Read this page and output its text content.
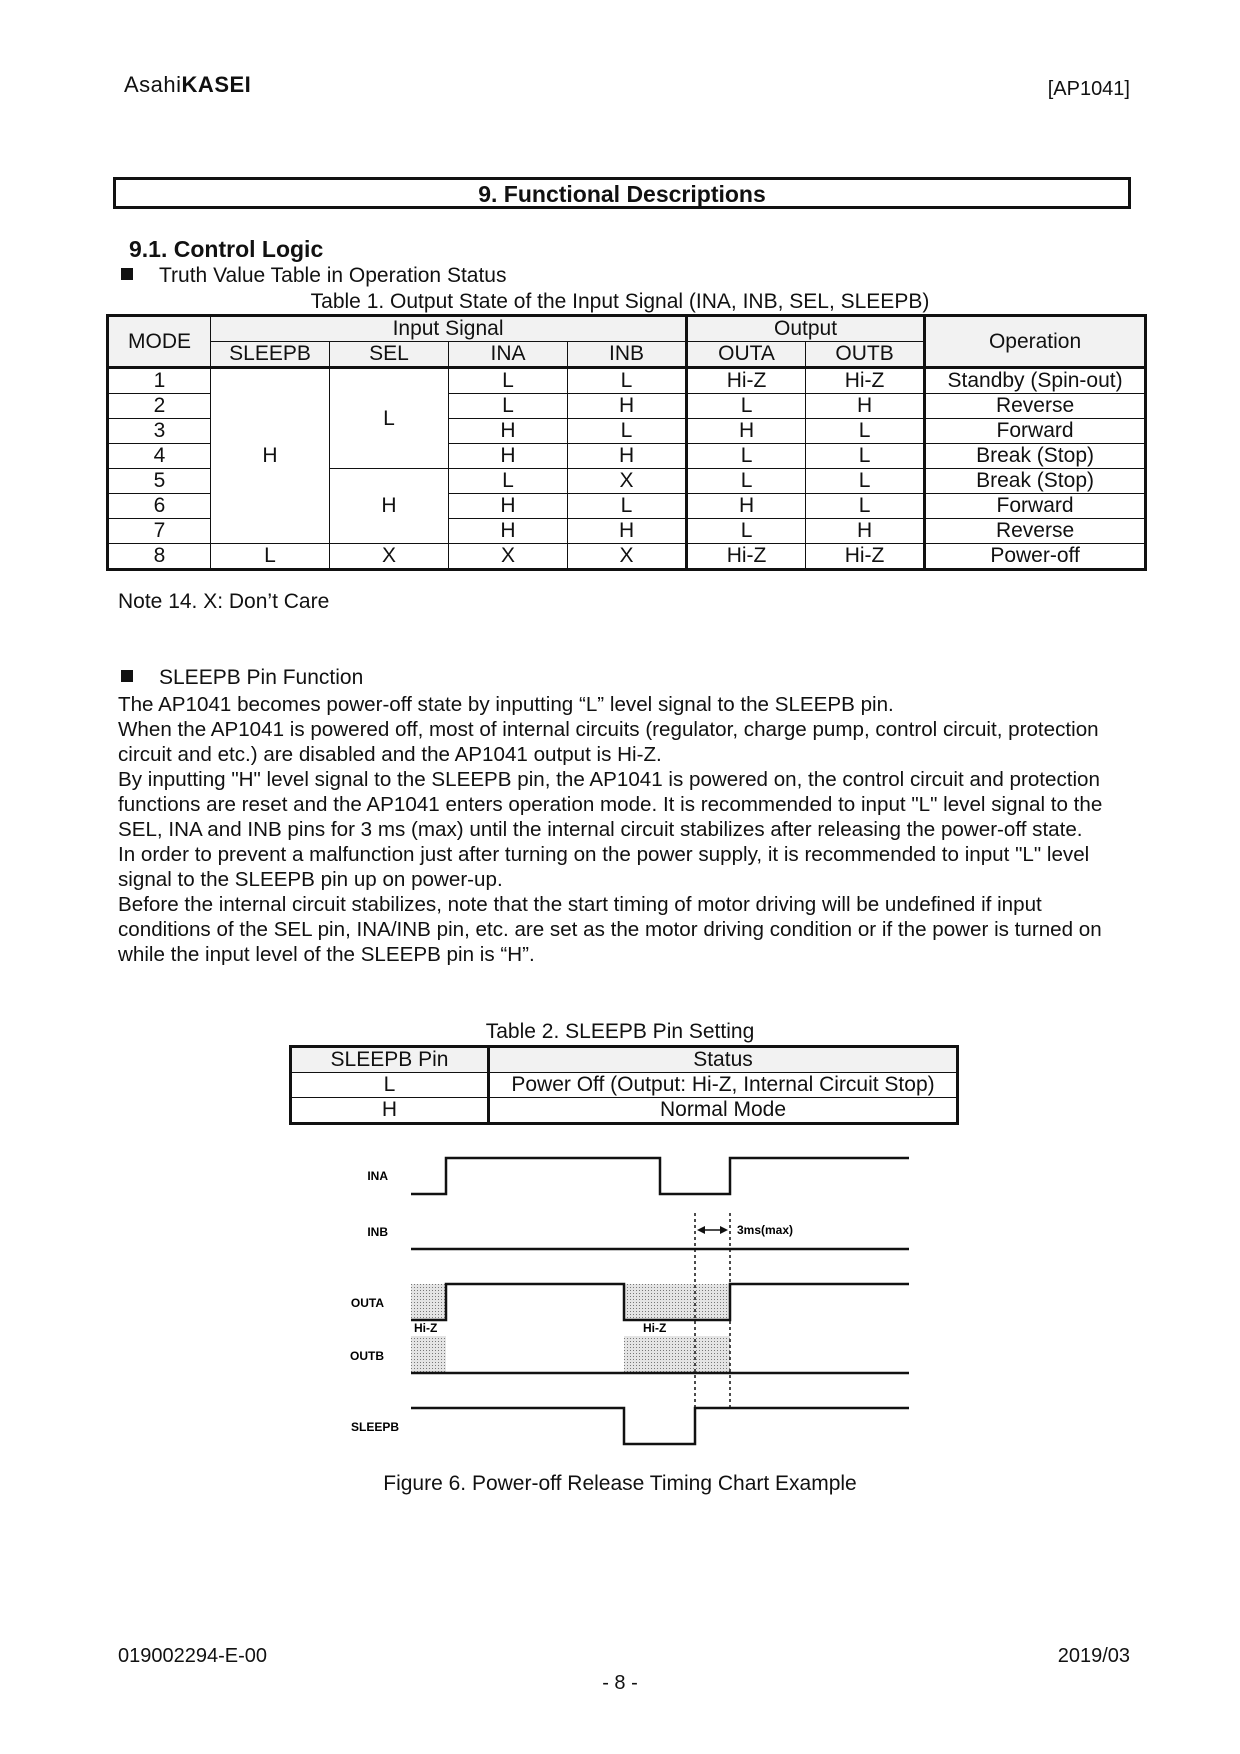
AsahiKASEI	[AP1041]
9. Functional Descriptions
9.1. Control Logic
Truth Value Table in Operation Status
Table 1. Output State of the Input Signal (INA, INB, SEL, SLEEPB)
MODE	Input Signal				Output		Operation
	SLEEPB	SEL	INA	INB	OUTA	OUTB	
1	H	L	L	L	Hi-Z	Hi-Z	Standby (Spin-out)
2			L	H	L	H	Reverse
3			H	L	H	L	Forward
4			H	H	L	L	Break (Stop)
5		H	L	X	L	L	Break (Stop)
6			H	L	H	L	Forward
7			H	H	L	H	Reverse
8	L	X	X	X	Hi-Z	Hi-Z	Power-off
Note 14. X: Don’t Care
SLEEPB Pin Function

The AP1041 becomes power-off state by inputting “L” level signal to the SLEEPB pin.

When the AP1041 is powered off, most of internal circuits (regulator, charge pump, control circuit, protection circuit and etc.) are disabled and the AP1041 output is Hi-Z.

By inputting "H" level signal to the SLEEPB pin, the AP1041 is powered on, the control circuit and protection functions are reset and the AP1041 enters operation mode. It is recommended to input "L" level signal to the SEL, INA and INB pins for 3 ms (max) until the internal circuit stabilizes after releasing the power-off state.

In order to prevent a malfunction just after turning on the power supply, it is recommended to input "L" level signal to the SLEEPB pin up on power-up.

Before the internal circuit stabilizes, note that the start timing of motor driving will be undefined if input conditions of the SEL pin, INA/INB pin, etc. are set as the motor driving condition or if the power is turned on while the input level of the SLEEPB pin is “H”.

Table 2. SLEEPB Pin Setting
SLEEPB Pin	Status
L	Power Off (Output: Hi-Z, Internal Circuit Stop)
H	Normal Mode
INA
INB
OUTA
Hi-Z	Hi-Z
OUTB
SLEEPB
3ms(max)
Figure 6. Power-off Release Timing Chart Example
019002294-E-00	2019/03
- 8 -
